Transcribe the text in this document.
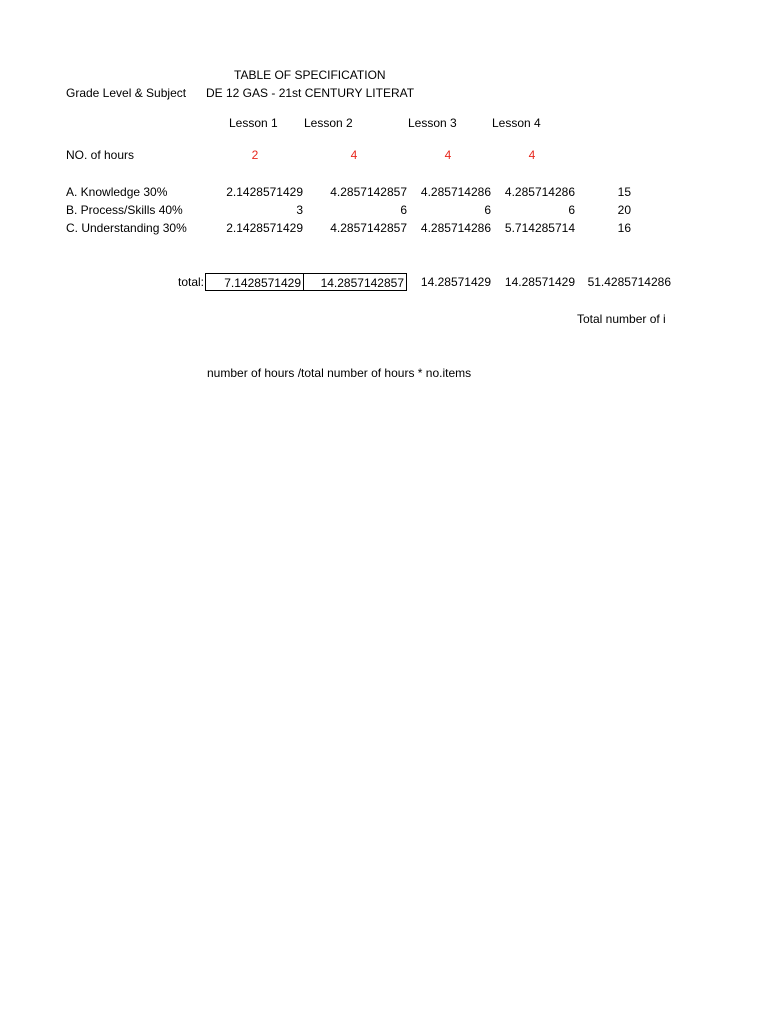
TABLE OF SPECIFICATION
Grade Level & Subject DE 12 GAS - 21st CENTURY LITERAT
Lesson 1 Lesson 2	Lesson 3	Lesson 4
NO. of hours	2	4	4	4
A. Knowledge 30%	2.1428571429	4.2857142857	4.285714286	4.285714286	15
B. Process/Skills 40%	3	6	6	6	20
C. Understanding 30%	2.1428571429	4.2857142857	4.285714286	5.714285714	16
total: 7.1428571429 14.2857142857	14.28571429	14.28571429	51.4285714286
Total number of i
number of hours /total number of hours * no.items
